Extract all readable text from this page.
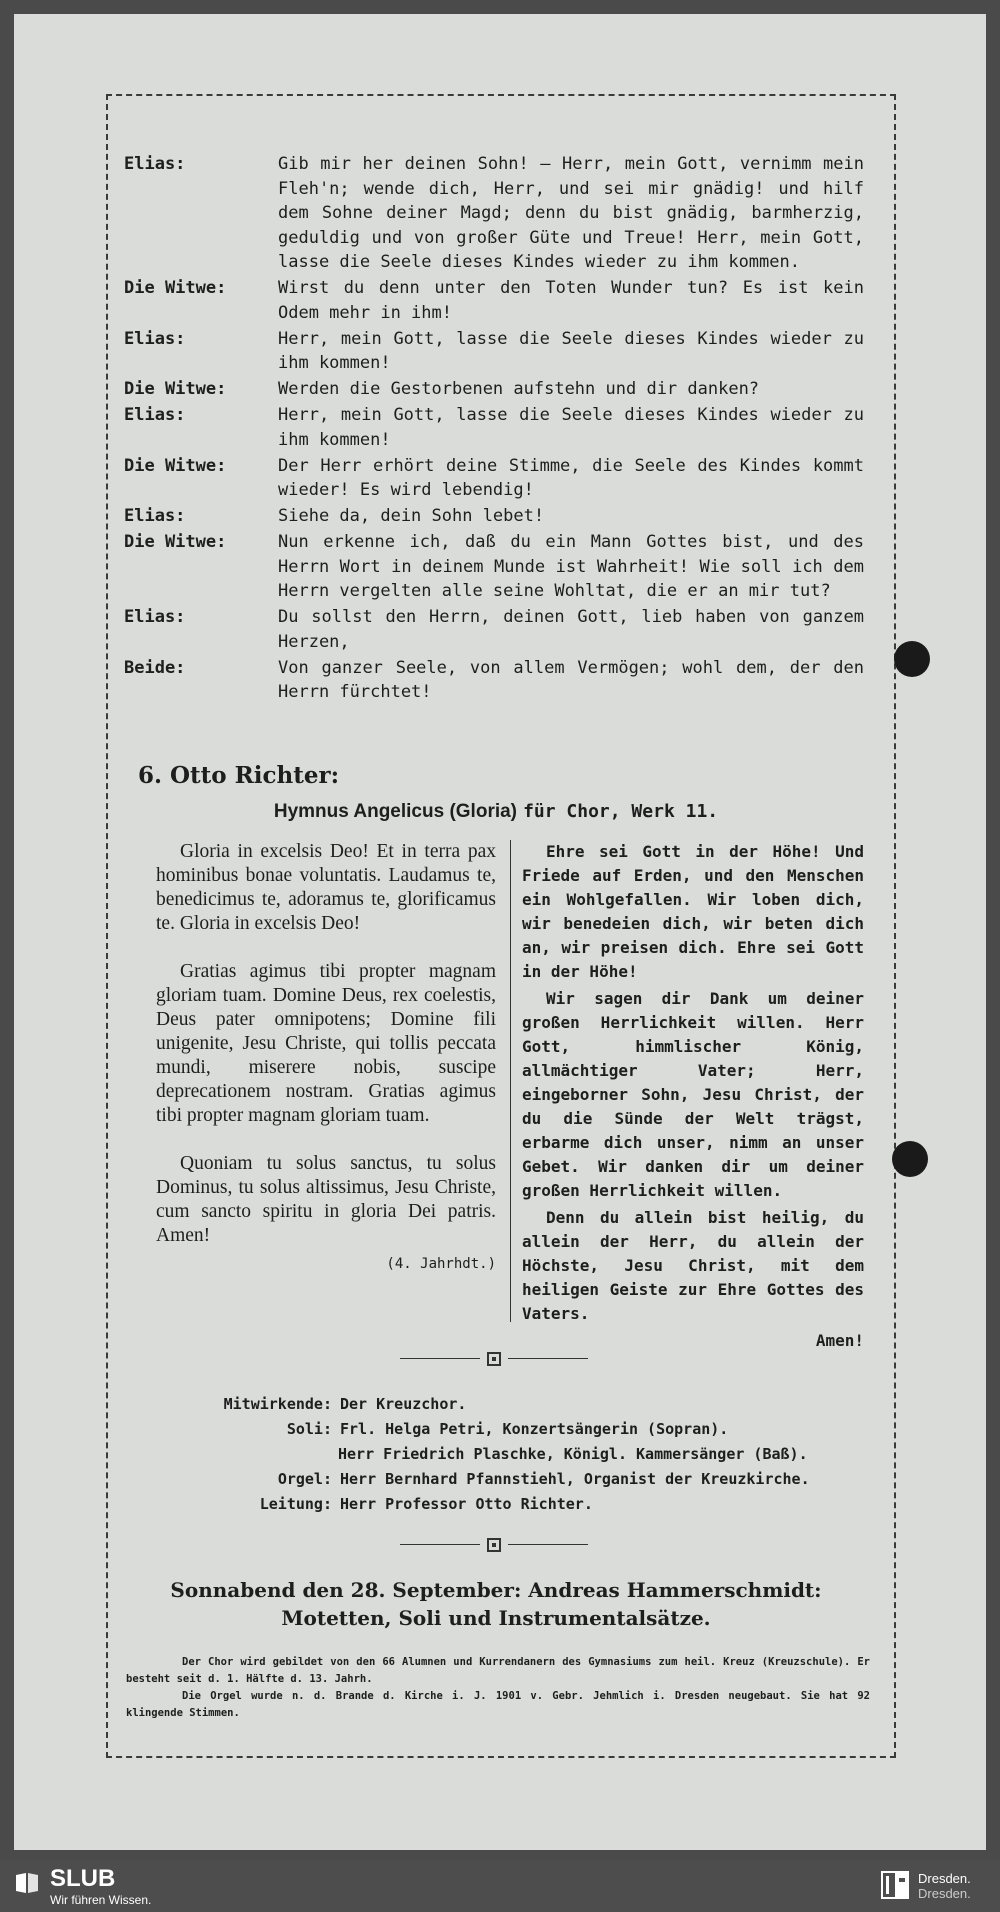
Elias:	Gib mir her deinen Sohn! — Herr, mein Gott, vernimm mein Fleh'n; wende dich, Herr, und sei mir gnädig! und hilf dem Sohne deiner Magd; denn du bist gnädig, barmherzig, geduldig und von großer Güte und Treue! Herr, mein Gott, lasse die Seele dieses Kindes wieder zu ihm kommen.
Die Witwe:	Wirst du denn unter den Toten Wunder tun? Es ist kein Odem mehr in ihm!
Elias:	Herr, mein Gott, lasse die Seele dieses Kindes wieder zu ihm kommen!
Die Witwe:	Werden die Gestorbenen aufstehn und dir danken?
Elias:	Herr, mein Gott, lasse die Seele dieses Kindes wieder zu ihm kommen!
Die Witwe:	Der Herr erhört deine Stimme, die Seele des Kindes kommt wieder! Es wird lebendig!
Elias:	Siehe da, dein Sohn lebet!
Die Witwe:	Nun erkenne ich, daß du ein Mann Gottes bist, und des Herrn Wort in deinem Munde ist Wahrheit! Wie soll ich dem Herrn vergelten alle seine Wohltat, die er an mir tut?
Elias:	Du sollst den Herrn, deinen Gott, lieb haben von ganzem Herzen,
Beide:	Von ganzer Seele, von allem Vermögen; wohl dem, der den Herrn fürchtet!
6. Otto Richter:
Hymnus Angelicus (Gloria) für Chor, Werk 11.

Gloria in excelsis Deo! Et in terra pax hominibus bonae voluntatis. Laudamus te, benedicimus te, adoramus te, glorificamus te. Gloria in excelsis Deo!

Gratias agimus tibi propter magnam gloriam tuam. Domine Deus, rex coelestis, Deus pater omnipotens; Domine fili unigenite, Jesu Christe, qui tollis peccata mundi, miserere nobis, suscipe deprecationem nostram. Gratias agimus tibi propter magnam gloriam tuam.

Quoniam tu solus sanctus, tu solus Dominus, tu solus altissimus, Jesu Christe, cum sancto spiritu in gloria Dei patris. Amen!

(4. Jahrhdt.)

Ehre sei Gott in der Höhe! Und Friede auf Erden, und den Menschen ein Wohlgefallen. Wir loben dich, wir benedeien dich, wir beten dich an, wir preisen dich. Ehre sei Gott in der Höhe!

Wir sagen dir Dank um deiner großen Herrlichkeit willen. Herr Gott, himmlischer König, allmächtiger Vater; Herr, eingeborner Sohn, Jesu Christ, der du die Sünde der Welt trägst, erbarme dich unser, nimm an unser Gebet. Wir danken dir um deiner großen Herrlichkeit willen.

Denn du allein bist heilig, du allein der Herr, du allein der Höchste, Jesu Christ, mit dem heiligen Geiste zur Ehre Gottes des Vaters.

Amen!
Mitwirkende: Der Kreuzchor.
Soli: Frl. Helga Petri, Konzertsängerin (Sopran).
Herr Friedrich Plaschke, Königl. Kammersänger (Baß).
Orgel: Herr Bernhard Pfannstiehl, Organist der Kreuzkirche.
Leitung: Herr Professor Otto Richter.
Sonnabend den 28. September: Andreas Hammerschmidt:
Motetten, Soli und Instrumentalsätze.

Der Chor wird gebildet von den 66 Alumnen und Kurrendanern des Gymnasiums zum heil. Kreuz (Kreuzschule). Er besteht seit d. 1. Hälfte d. 13. Jahrh.

Die Orgel wurde n. d. Brande d. Kirche i. J. 1901 v. Gebr. Jehmlich i. Dresden neugebaut. Sie hat 92 klingende Stimmen.

SLUB
Wir führen Wissen.
Dresden.
Dresden.
